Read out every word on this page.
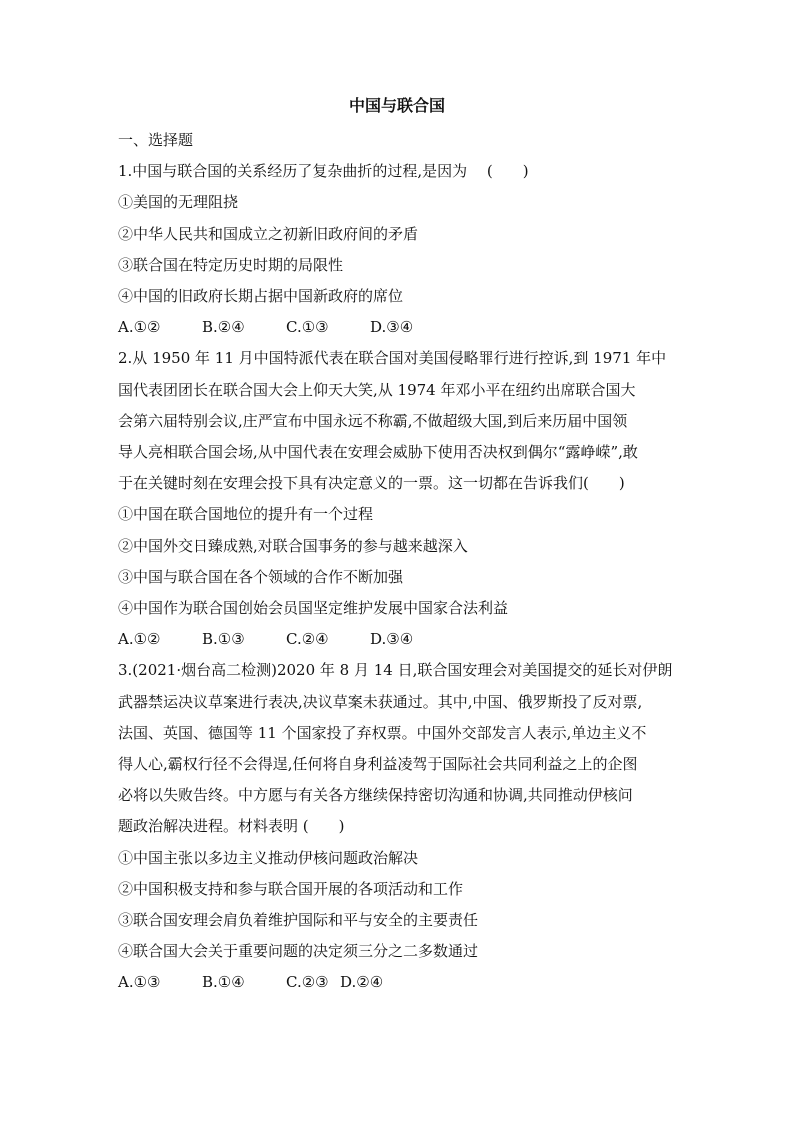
中国与联合国
一、选择题
1.中国与联合国的关系经历了复杂曲折的过程,是因为　 (　　)
①美国的无理阻挠
②中华人民共和国成立之初新旧政府间的矛盾
③联合国在特定历史时期的局限性
④中国的旧政府长期占据中国新政府的席位
A.①②	B.②④	C.①③	D.③④
2.从 1950 年 11 月中国特派代表在联合国对美国侵略罪行进行控诉,到 1971 年中
国代表团团长在联合国大会上仰天大笑,从 1974 年邓小平在纽约出席联合国大
会第六届特别会议,庄严宣布中国永远不称霸,不做超级大国,到后来历届中国领
导人亮相联合国会场,从中国代表在安理会威胁下使用否决权到偶尔“露峥嵘”,敢
于在关键时刻在安理会投下具有决定意义的一票。这一切都在告诉我们(　　)
①中国在联合国地位的提升有一个过程
②中国外交日臻成熟,对联合国事务的参与越来越深入
③中国与联合国在各个领域的合作不断加强
④中国作为联合国创始会员国坚定维护发展中国家合法利益
A.①②	B.①③	C.②④	D.③④
3.(2021·烟台高二检测)2020 年 8 月 14 日,联合国安理会对美国提交的延长对伊朗
武器禁运决议草案进行表决,决议草案未获通过。其中,中国、俄罗斯投了反对票,
法国、英国、德国等 11 个国家投了弃权票。中国外交部发言人表示,单边主义不
得人心,霸权行径不会得逞,任何将自身利益凌驾于国际社会共同利益之上的企图
必将以失败告终。中方愿与有关各方继续保持密切沟通和协调,共同推动伊核问
题政治解决进程。材料表明 (　　)
①中国主张以多边主义推动伊核问题政治解决
②中国积极支持和参与联合国开展的各项活动和工作
③联合国安理会肩负着维护国际和平与安全的主要责任
④联合国大会关于重要问题的决定须三分之二多数通过
A.①③	B.①④	C.②③ D.②④
